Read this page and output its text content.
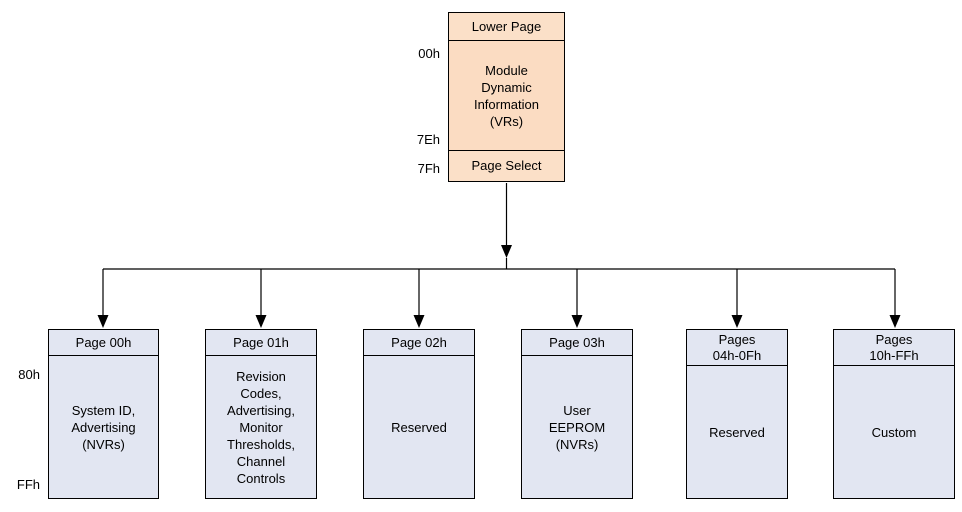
Lower Page
Module
Dynamic
Information
(VRs)
Page Select
00h
7Eh
7Fh
80h
FFh
Page 00h
System ID,
Advertising
(NVRs)
Page 01h
Revision
Codes,
Advertising,
Monitor
Thresholds,
Channel
Controls
Page 02h
Reserved
Page 03h
User
EEPROM
(NVRs)
Pages
04h-0Fh
Reserved
Pages
10h-FFh
Custom
